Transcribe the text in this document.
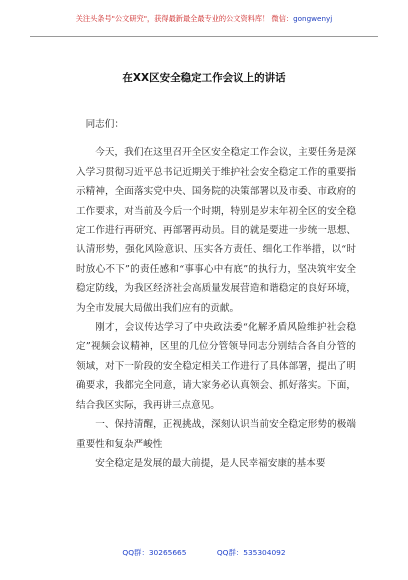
关注头条号"公文研究"，获得最新最全最专业的公文资料库！ 微信：gongwenyj
在XX区安全稳定工作会议上的讲话

同志们：

今天，我们在这里召开全区安全稳定工作会议，主要任务是深入学习贯彻习近平总书记近期关于维护社会安全稳定工作的重要指示精神，全面落实党中央、国务院的决策部署以及市委、市政府的工作要求，对当前及今后一个时期，特别是岁末年初全区的安全稳定工作进行再研究、再部署再动员。目的就是要进一步统一思想、认清形势，强化风险意识、压实各方责任、细化工作举措，以“时时放心不下”的责任感和“事事心中有底”的执行力，坚决筑牢安全稳定防线，为我区经济社会高质量发展营造和谐稳定的良好环境，为全市发展大局做出我们应有的贡献。

刚才，会议传达学习了中央政法委“化解矛盾风险维护社会稳定”视频会议精神，区里的几位分管领导同志分别结合各自分管的领域，对下一阶段的安全稳定相关工作进行了具体部署，提出了明确要求，我都完全同意，请大家务必认真领会、抓好落实。下面，结合我区实际，我再讲三点意见。

一、保持清醒，正视挑战，深刻认识当前安全稳定形势的极端重要性和复杂严峻性

安全稳定是发展的最大前提，是人民幸福安康的基本要

QQ群：30265665	QQ群：535304092
